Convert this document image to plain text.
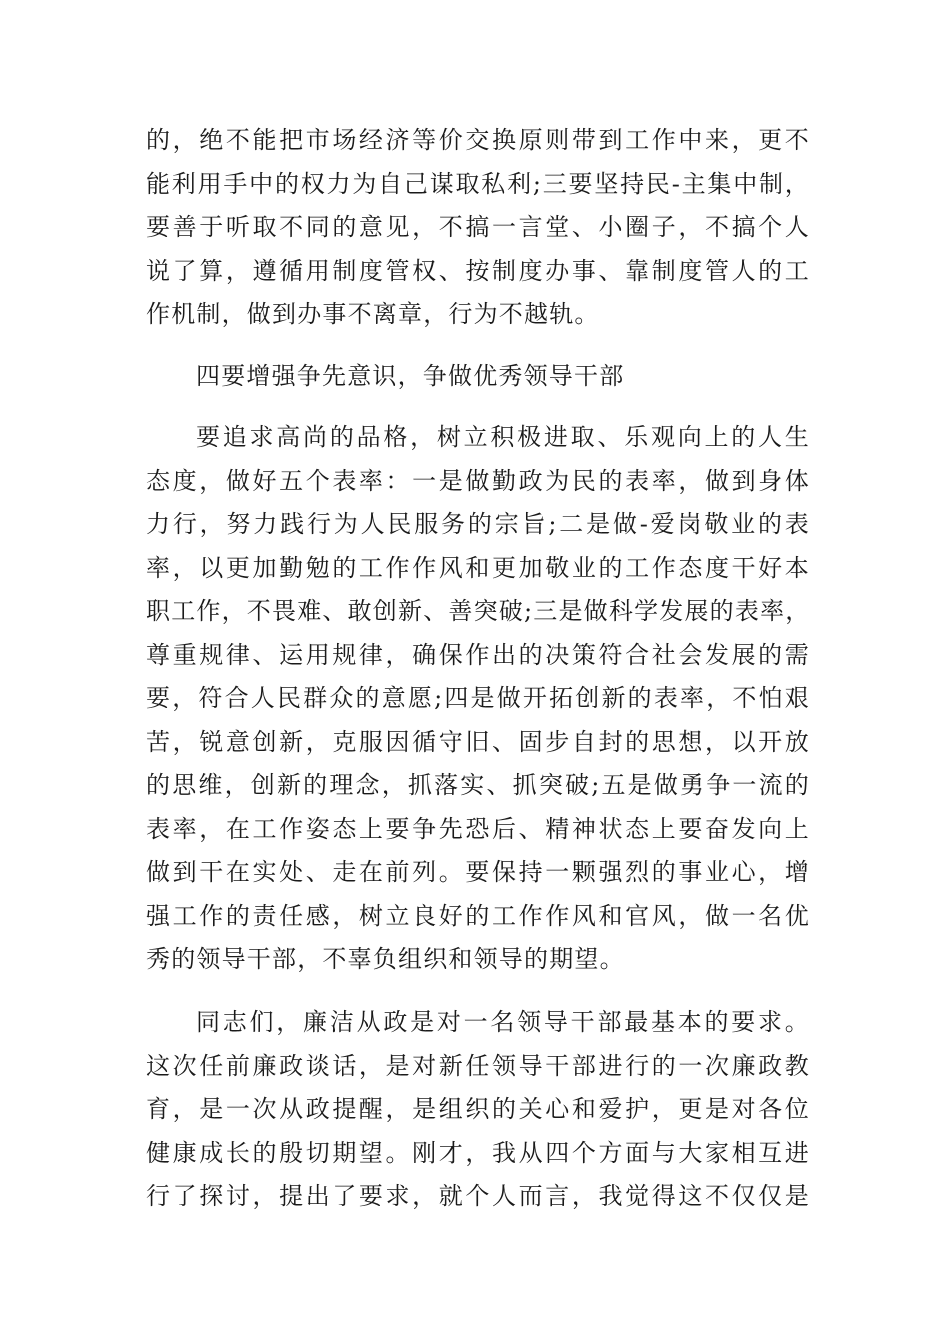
的，绝不能把市场经济等价交换原则带到工作中来，更不
能利用手中的权力为自己谋取私利;三要坚持民-主集中制，
要善于听取不同的意见，不搞一言堂、小圈子，不搞个人
说了算，遵循用制度管权、按制度办事、靠制度管人的工
作机制，做到办事不离章，行为不越轨。
四要增强争先意识，争做优秀领导干部
要追求高尚的品格，树立积极进取、乐观向上的人生
态度，做好五个表率：一是做勤政为民的表率，做到身体
力行，努力践行为人民服务的宗旨;二是做-爱岗敬业的表
率，以更加勤勉的工作作风和更加敬业的工作态度干好本
职工作，不畏难、敢创新、善突破;三是做科学发展的表率，
尊重规律、运用规律，确保作出的决策符合社会发展的需
要，符合人民群众的意愿;四是做开拓创新的表率，不怕艰
苦，锐意创新，克服因循守旧、固步自封的思想，以开放
的思维，创新的理念，抓落实、抓突破;五是做勇争一流的
表率，在工作姿态上要争先恐后、精神状态上要奋发向上
做到干在实处、走在前列。要保持一颗强烈的事业心，增
强工作的责任感，树立良好的工作作风和官风，做一名优
秀的领导干部，不辜负组织和领导的期望。
同志们，廉洁从政是对一名领导干部最基本的要求。
这次任前廉政谈话，是对新任领导干部进行的一次廉政教
育，是一次从政提醒，是组织的关心和爱护，更是对各位
健康成长的殷切期望。刚才，我从四个方面与大家相互进
行了探讨，提出了要求，就个人而言，我觉得这不仅仅是
